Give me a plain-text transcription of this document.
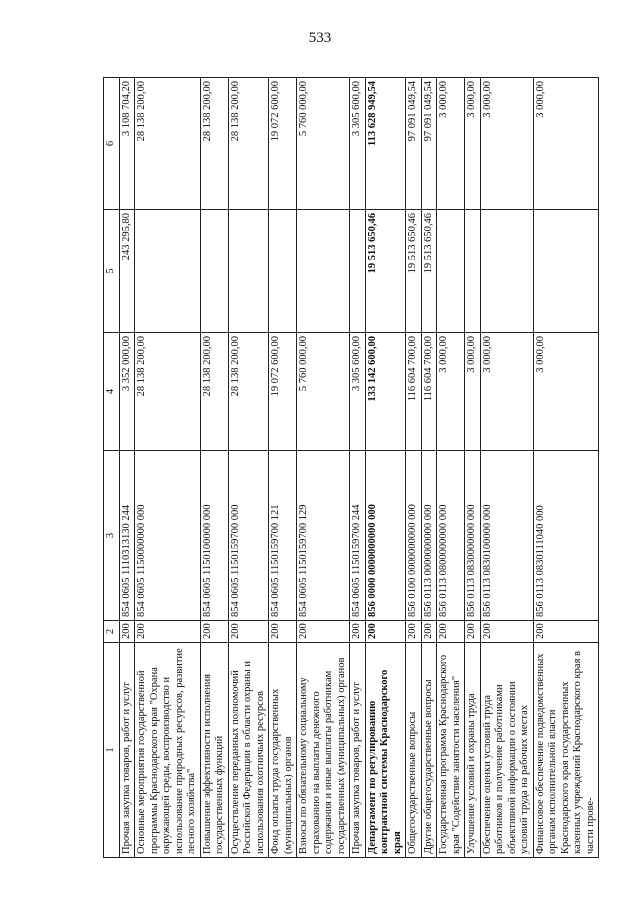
533
1	2	3	4	5	6
Прочая закупка товаров, работ и услуг	200	854 0605 1110313130 244	3 352 000,00	243 295,80	3 108 704,20
Основные мероприятия государственной программы Краснодарского края "Охрана окружающей среды, воспроизводство и использование природных ресурсов, развитие лесного хозяйства"	200	854 0605 1150000000 000	28 138 200,00		28 138 200,00
Повышение эффективности исполнения государственных функций	200	854 0605 1150100000 000	28 138 200,00		28 138 200,00
Осуществление переданных полномочий Российской Федерации в области охраны и использования охотничьих ресурсов	200	854 0605 1150159700 000	28 138 200,00		28 138 200,00
Фонд оплаты труда государственных (муниципальных) органов	200	854 0605 1150159700 121	19 072 600,00		19 072 600,00
Взносы по обязательному социальному страхованию на выплаты денежного содержания и иные выплаты работникам государственных (муниципальных) органов	200	854 0605 1150159700 129	5 760 000,00		5 760 000,00
Прочая закупка товаров, работ и услуг	200	854 0605 1150159700 244	3 305 600,00		3 305 600,00
Департамент по регулированию контрактной системы Краснодарского края	200	856 0000 0000000000 000	133 142 600,00	19 513 650,46	113 628 949,54
Общегосударственные вопросы	200	856 0100 0000000000 000	116 604 700,00	19 513 650,46	97 091 049,54
Другие общегосударственные вопросы	200	856 0113 0000000000 000	116 604 700,00	19 513 650,46	97 091 049,54
Государственная программа Краснодарского края "Содействие занятости населения"	200	856 0113 0800000000 000	3 000,00		3 000,00
Улучшение условий и охраны труда	200	856 0113 0830000000 000	3 000,00		3 000,00
Обеспечение оценки условий труда работников и получение работниками объективной информации о состоянии условий труда на рабочих местах	200	856 0113 0830100000 000	3 000,00		3 000,00
Финансовое обеспечение подведомственных органам исполнительной власти Краснодарского края государственных казенных учреждений Краснодарского края в части прове-	200	856 0113 0830111040 000	3 000,00		3 000,00
